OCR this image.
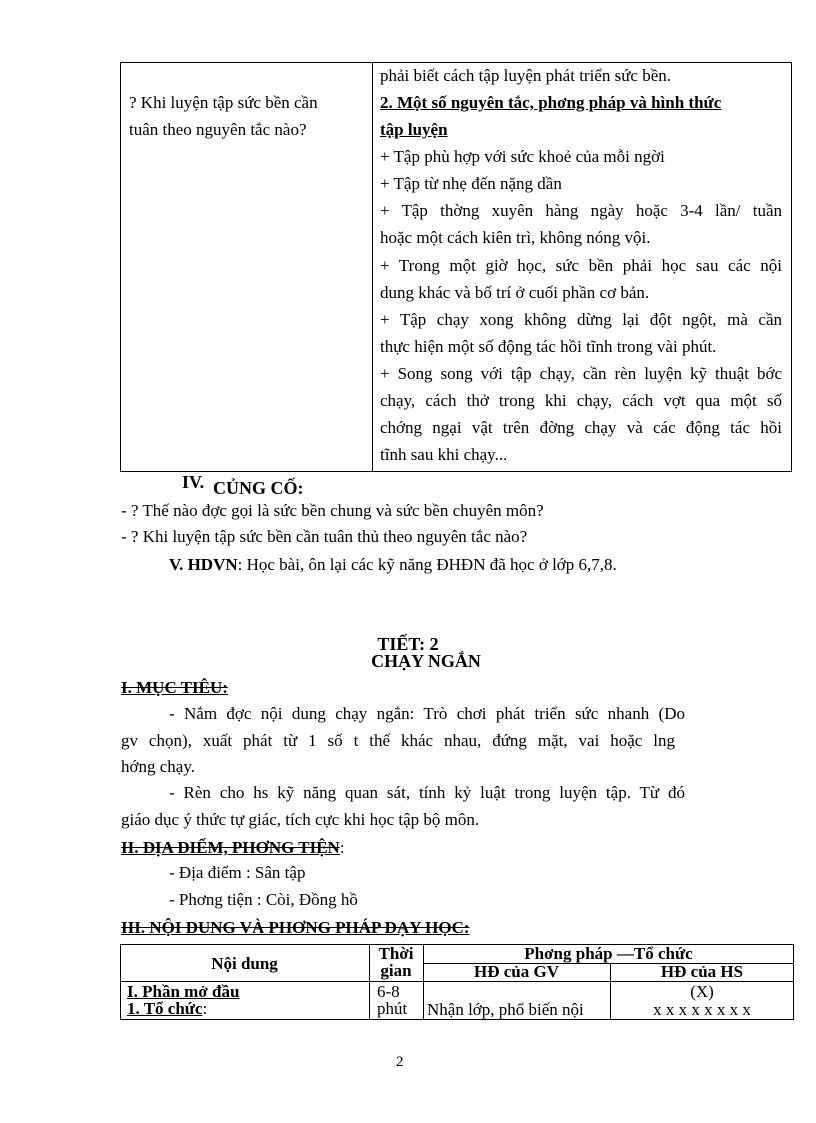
? Khi luyện tập sức bền cần
tuân theo nguyên tắc nào?
phải biết cách tập luyện phát triển sức bền.
2. Một số nguyên tắc, phơng pháp và hình thức
tập luyện
+ Tập phù hợp với sức khoẻ của mỗi ngời
+ Tập từ nhẹ đến nặng dần
+ Tập thờng xuyên hàng ngày hoặc 3-4 lần/ tuần
hoặc một cách kiên trì, không nóng vội.
+ Trong một giờ học, sức bền phải học sau các nội
dung khác và bố trí ở cuối phần cơ bản.
+ Tập chạy xong không dừng lại đột ngột, mà cần
thực hiện một số động tác hồi tĩnh trong vài phút.
+ Song song với tập chạy, cần rèn luyện kỹ thuật bớc
chạy, cách thở trong khi chạy, cách vợt qua một số
chớng ngại vật trên đờng chạy và các động tác hồi
tĩnh sau khi chạy...
IV. CỦNG CỐ:
- ? Thế nào đợc gọi là sức bền chung và sức bền chuyên môn?
- ? Khi luyện tập sức bền cần tuân thủ theo nguyên tắc nào?
V. HDVN: Học bài, ôn lại các kỹ năng ĐHĐN đã học ở lớp 6,7,8.
TIẾT: 2
CHẠY NGẮN
I. MỤC TIÊU:
- Nắm đợc nội dung chạy ngắn: Trò chơi phát triển sức nhanh (Do
gv chọn), xuất phát từ 1 số t thế khác nhau, đứng mặt, vai hoặc lng
hớng chạy.
- Rèn cho hs kỹ năng quan sát, tính kỷ luật trong luyện tập. Từ đó
giáo dục ý thức tự giác, tích cực khi học tập bộ môn.
II. ĐỊA ĐIỂM, PHƠNG TIỆN:
- Địa điểm : Sân tập
- Phơng tiện : Còi, Đồng hồ
III. NỘI DUNG VÀ PHƠNG PHÁP DẠY HỌC:
Nội dung
Thời
gian
Phơng pháp —Tổ chức
HĐ của GV	HĐ của HS
I. Phần mở đầu
1. Tổ chức:
6-8
phút Nhận lớp, phổ biến nội
(X)
x x x x x x x x
2
